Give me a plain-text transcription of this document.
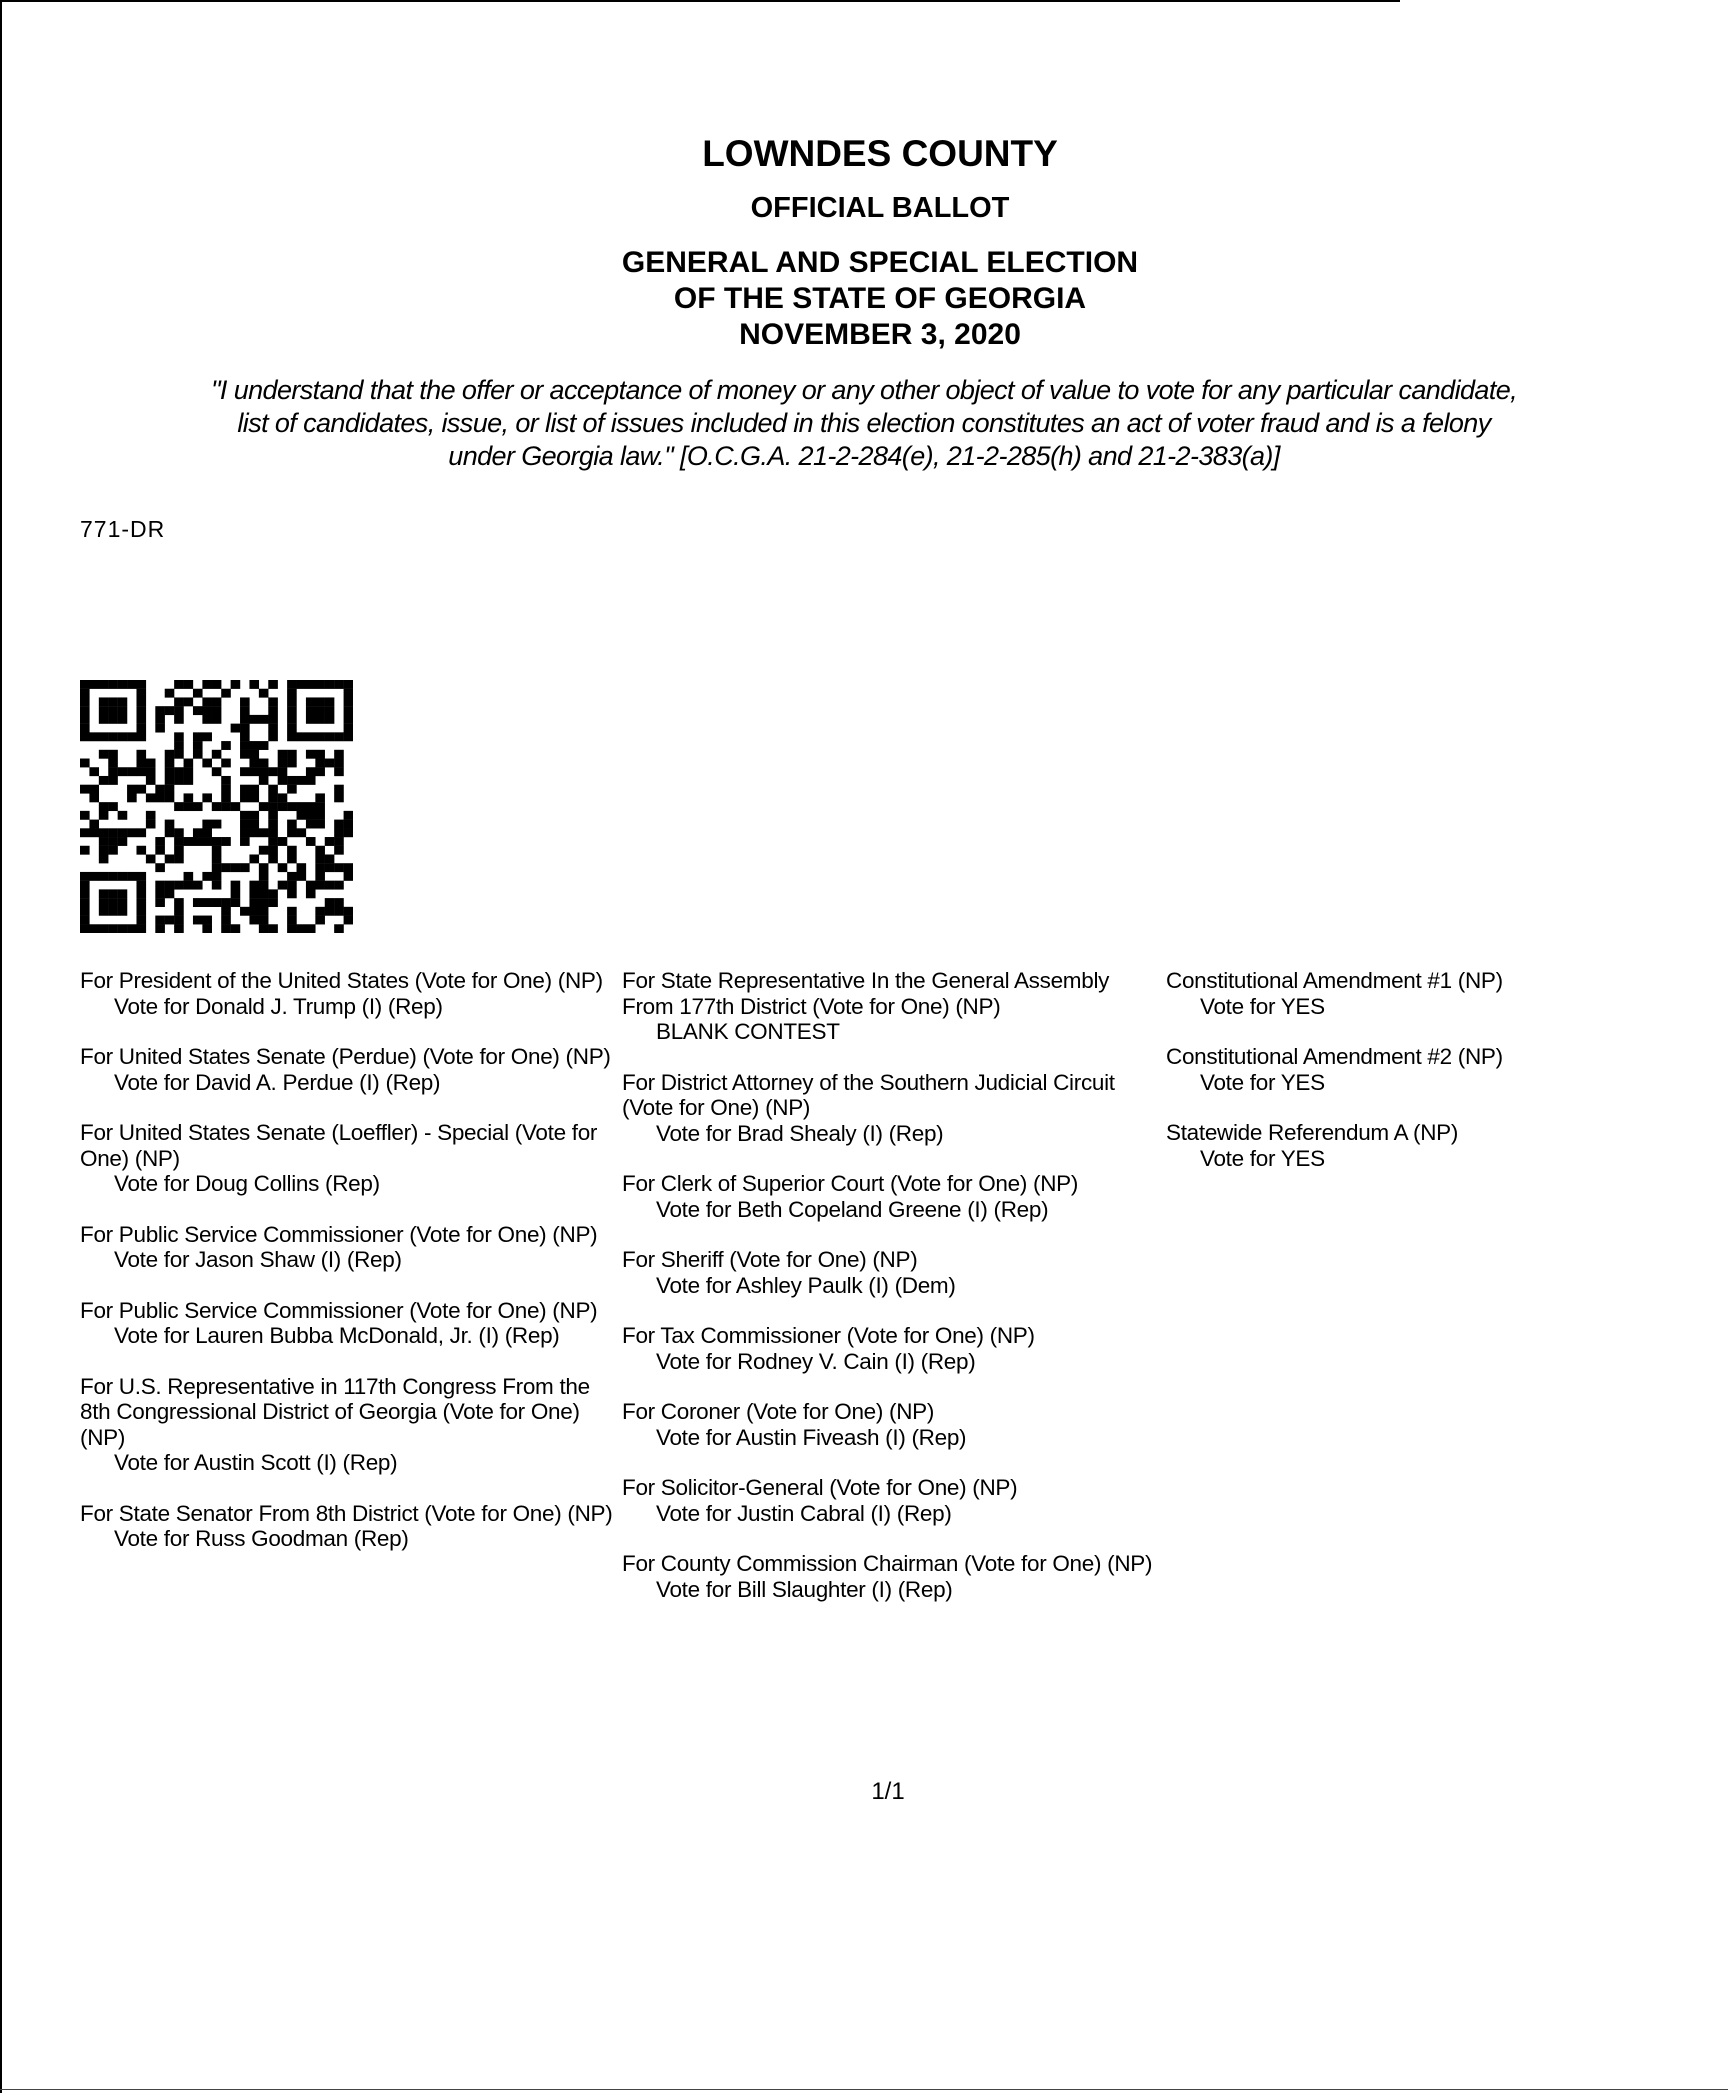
LOWNDES COUNTY
OFFICIAL BALLOT
GENERAL AND SPECIAL ELECTION
OF THE STATE OF GEORGIA
NOVEMBER 3, 2020
"I understand that the offer or acceptance of money or any other object of value to vote for any particular candidate,
list of candidates, issue, or list of issues included in this election constitutes an act of voter fraud and is a felony
under Georgia law." [O.C.G.A. 21-2-284(e), 21-2-285(h) and 21-2-383(a)]
771-DR
For President of the United States (Vote for One) (NP)
Vote for Donald J. Trump (I) (Rep)
For United States Senate (Perdue) (Vote for One) (NP)
Vote for David A. Perdue (I) (Rep)
For United States Senate (Loeffler) - Special (Vote for One) (NP)
Vote for Doug Collins (Rep)
For Public Service Commissioner (Vote for One) (NP)
Vote for Jason Shaw (I) (Rep)
For Public Service Commissioner (Vote for One) (NP)
Vote for Lauren Bubba McDonald, Jr. (I) (Rep)
For U.S. Representative in 117th Congress From the 8th Congressional District of Georgia (Vote for One) (NP)
Vote for Austin Scott (I) (Rep)
For State Senator From 8th District (Vote for One) (NP)
Vote for Russ Goodman (Rep)
For State Representative In the General Assembly From 177th District (Vote for One) (NP)
BLANK CONTEST
For District Attorney of the Southern Judicial Circuit (Vote for One) (NP)
Vote for Brad Shealy (I) (Rep)
For Clerk of Superior Court (Vote for One) (NP)
Vote for Beth Copeland Greene (I) (Rep)
For Sheriff (Vote for One) (NP)
Vote for Ashley Paulk (I) (Dem)
For Tax Commissioner (Vote for One) (NP)
Vote for Rodney V. Cain (I) (Rep)
For Coroner (Vote for One) (NP)
Vote for Austin Fiveash (I) (Rep)
For Solicitor-General (Vote for One) (NP)
Vote for Justin Cabral (I) (Rep)
For County Commission Chairman (Vote for One) (NP)
Vote for Bill Slaughter (I) (Rep)
Constitutional Amendment #1 (NP)
Vote for YES
Constitutional Amendment #2 (NP)
Vote for YES
Statewide Referendum A (NP)
Vote for YES
1/1
